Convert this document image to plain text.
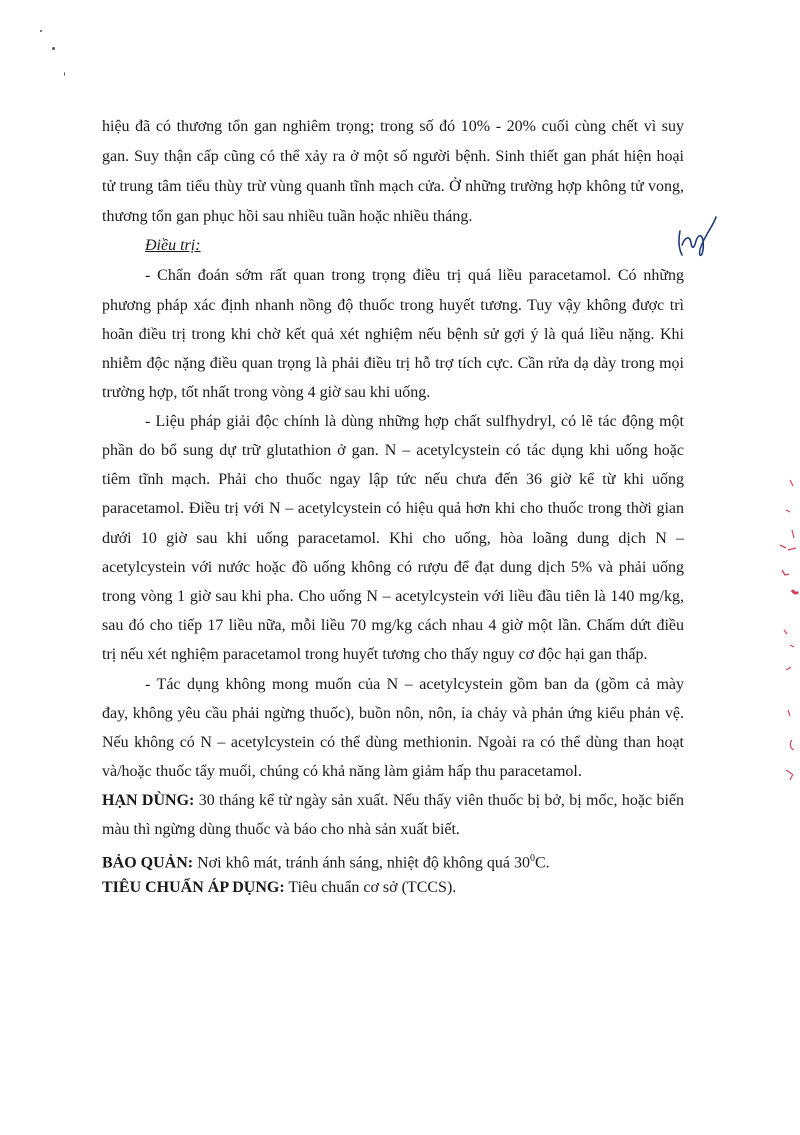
hiệu đã có thương tổn gan nghiêm trọng; trong số đó 10% - 20% cuối cùng chết vì suy
gan. Suy thận cấp cũng có thể xảy ra ở một số người bệnh. Sinh thiết gan phát hiện hoại
tử trung tâm tiểu thùy trừ vùng quanh tĩnh mạch cửa. Ở những trường hợp không tử vong,
thương tổn gan phục hồi sau nhiều tuần hoặc nhiều tháng.
Điều trị:
- Chẩn đoán sớm rất quan trong trọng điều trị quá liều paracetamol. Có những
phương pháp xác định nhanh nồng độ thuốc trong huyết tương. Tuy vậy không được trì
hoãn điều trị trong khi chờ kết quả xét nghiệm nếu bệnh sử gợi ý là quá liều nặng. Khi
nhiễm độc nặng điều quan trọng là phải điều trị hỗ trợ tích cực. Cần rửa dạ dày trong mọi
trường hợp, tốt nhất trong vòng 4 giờ sau khi uống.
- Liệu pháp giải độc chính là dùng những hợp chất sulfhydryl, có lẽ tác động một
phần do bổ sung dự trữ glutathion ở gan. N – acetylcystein có tác dụng khi uống hoặc
tiêm tĩnh mạch. Phải cho thuốc ngay lập tức nếu chưa đến 36 giờ kể từ khi uống
paracetamol. Điều trị với N – acetylcystein có hiệu quả hơn khi cho thuốc trong thời gian
dưới 10 giờ sau khi uống paracetamol. Khi cho uống, hòa loãng dung dịch N –
acetylcystein với nước hoặc đồ uống không có rượu để đạt dung dịch 5% và phải uống
trong vòng 1 giờ sau khi pha. Cho uống N – acetylcystein với liều đầu tiên là 140 mg/kg,
sau đó cho tiếp 17 liều nữa, mỗi liều 70 mg/kg cách nhau 4 giờ một lần. Chấm dứt điều
trị nếu xét nghiệm paracetamol trong huyết tương cho thấy nguy cơ độc hại gan thấp.
- Tác dụng không mong muốn của N – acetylcystein gồm ban da (gồm cả mày
đay, không yêu cầu phải ngừng thuốc), buồn nôn, nôn, ỉa chảy và phản ứng kiểu phản vệ.
Nếu không có N – acetylcystein có thể dùng methionin. Ngoài ra có thể dùng than hoạt
và/hoặc thuốc tẩy muối, chúng có khả năng làm giảm hấp thu paracetamol.
HẠN DÙNG: 30 tháng kể từ ngày sản xuất. Nếu thấy viên thuốc bị bở, bị mốc, hoặc biến
màu thì ngừng dùng thuốc và báo cho nhà sản xuất biết.
BẢO QUẢN: Nơi khô mát, tránh ánh sáng, nhiệt độ không quá $30^0C$.
TIÊU CHUẨN ÁP DỤNG: Tiêu chuẩn cơ sở (TCCS).
